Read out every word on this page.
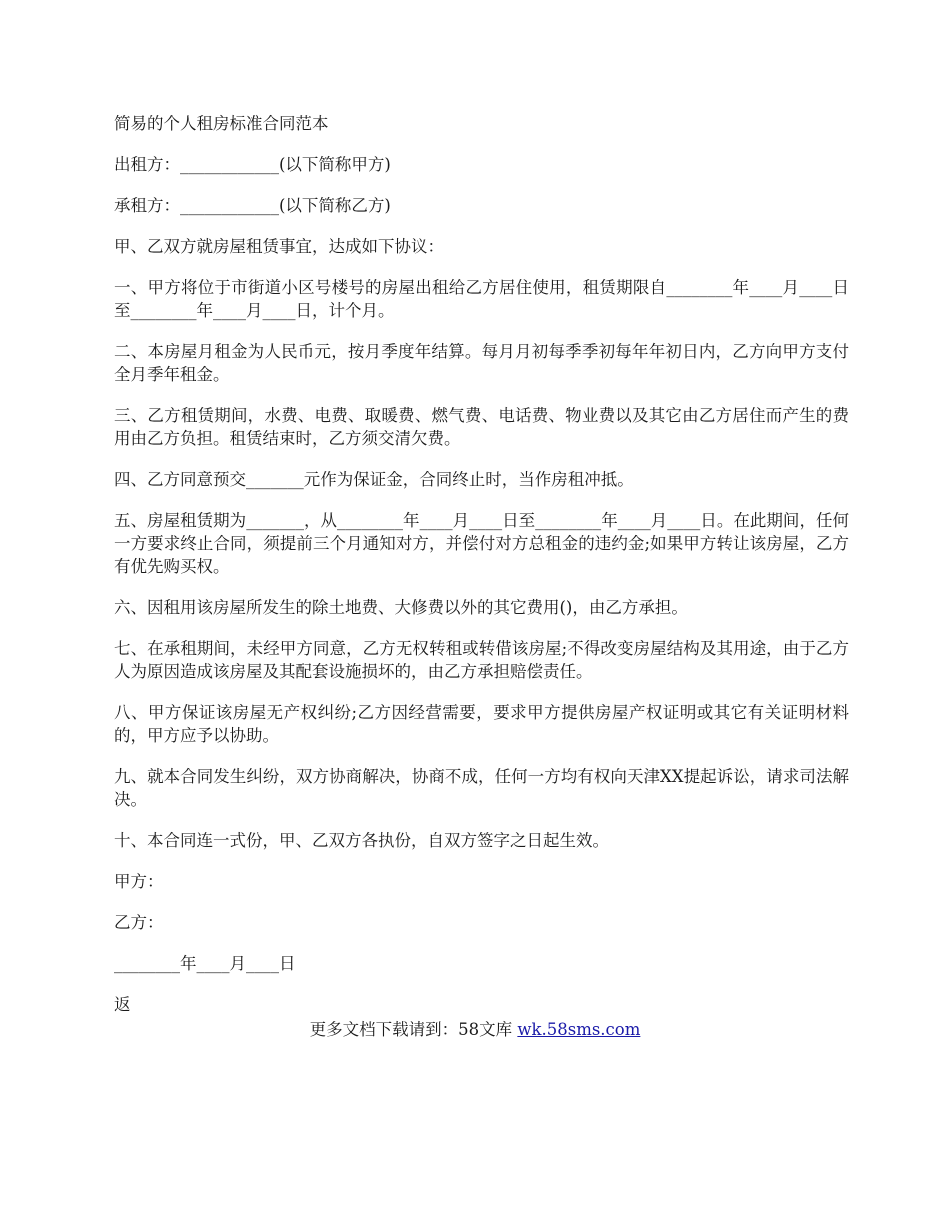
简易的个人租房标准合同范本

出租方：____________(以下简称甲方)

承租方：____________(以下简称乙方)

甲、乙双方就房屋租赁事宜，达成如下协议：

一、甲方将位于市街道小区号楼号的房屋出租给乙方居住使用，租赁期限自________年____月____日至________年____月____日，计个月。

二、本房屋月租金为人民币元，按月季度年结算。每月月初每季季初每年年初日内，乙方向甲方支付全月季年租金。

三、乙方租赁期间，水费、电费、取暖费、燃气费、电话费、物业费以及其它由乙方居住而产生的费用由乙方负担。租赁结束时，乙方须交清欠费。

四、乙方同意预交_______元作为保证金，合同终止时，当作房租冲抵。

五、房屋租赁期为_______，从________年____月____日至________年____月____日。在此期间，任何一方要求终止合同，须提前三个月通知对方，并偿付对方总租金的违约金;如果甲方转让该房屋，乙方有优先购买权。

六、因租用该房屋所发生的除土地费、大修费以外的其它费用()，由乙方承担。

七、在承租期间，未经甲方同意，乙方无权转租或转借该房屋;不得改变房屋结构及其用途，由于乙方人为原因造成该房屋及其配套设施损坏的，由乙方承担赔偿责任。

八、甲方保证该房屋无产权纠纷;乙方因经营需要，要求甲方提供房屋产权证明或其它有关证明材料的，甲方应予以协助。

九、就本合同发生纠纷，双方协商解决，协商不成，任何一方均有权向天津XX提起诉讼，请求司法解决。

十、本合同连一式份，甲、乙双方各执份，自双方签字之日起生效。

甲方：

乙方：

________年____月____日

返

更多文档下载请到：58文库 wk.58sms.com
